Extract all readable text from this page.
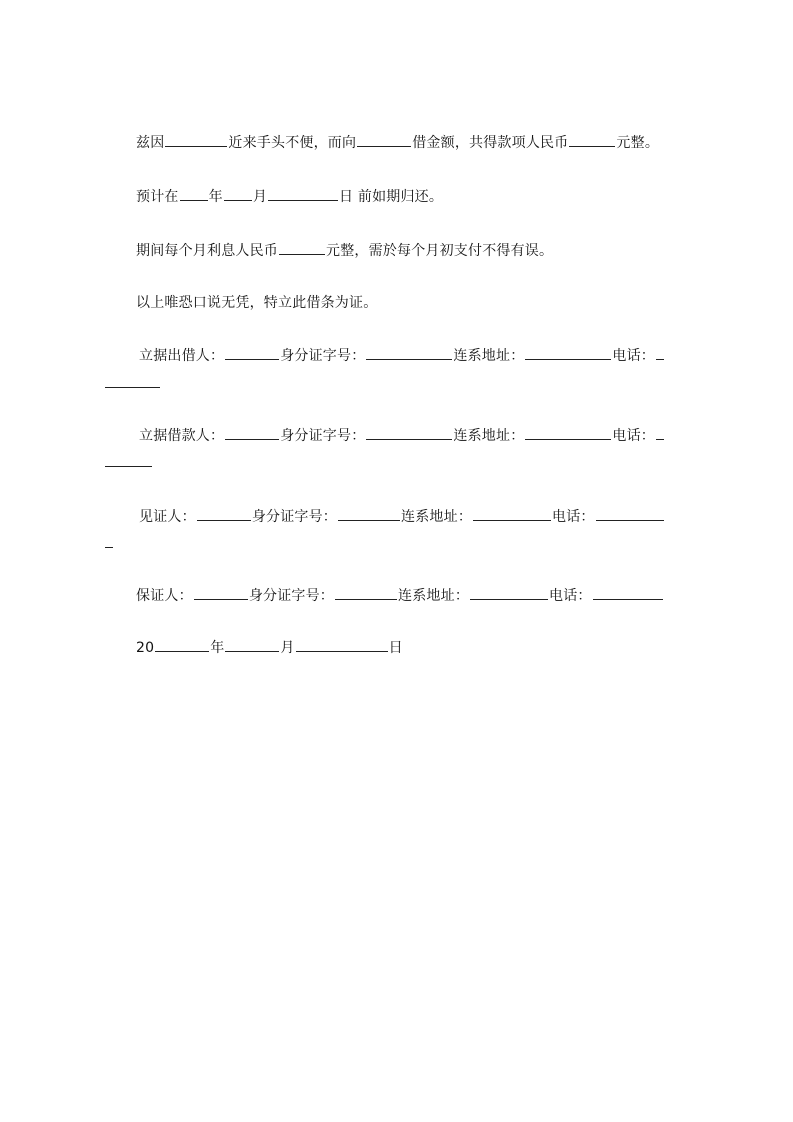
兹因	近来手头不便，而向	借金额，共得款项人民币	元整。
预计在 年 月	日 前如期归还。
期间每个月利息人民币	元整，需於每个月初支付不得有误。
以上唯恐口说无凭，特立此借条为证。
立据出借人：	身分证字号：	连系地址：	电话：
立据借款人：	身分证字号：	连系地址：	电话：
见证人：	身分证字号：	连系地址：	电话：
保证人：	身分证字号：	连系地址：	电话：
20	年	月	日
